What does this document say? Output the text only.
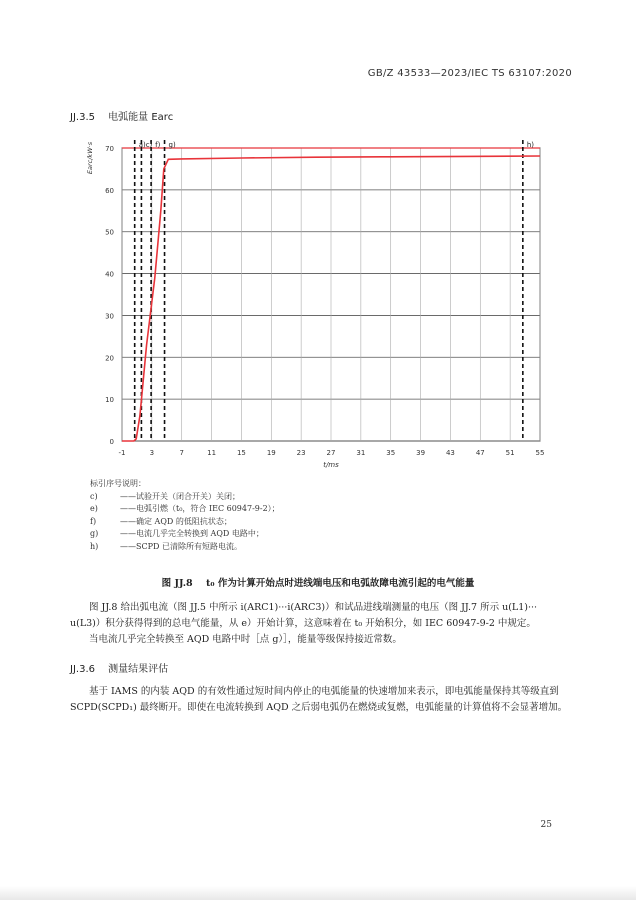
GB/Z 43533—2023/IEC TS 63107:2020
JJ.3.5 电弧能量 Earc
0
10
20
30
40
50
60
70
-1	3	7	11	15	19	23	27	31	35	39	43	47	51	55
t/ms
Earc/kW·s	a)c) f) g)	h)
标引序号说明：
c)	——试验开关（闭合开关）关闭；
e)	——电弧引燃（t₀，符合 IEC 60947-9-2）；
f)	——确定 AQD 的低阻抗状态；
g)	——电流几乎完全转换到 AQD 电路中；
h)	——SCPD 已清除所有短路电流。
图 JJ.8 t₀ 作为计算开始点时进线端电压和电弧故障电流引起的电气能量
图 JJ.8 给出弧电流（图 JJ.5 中所示 i(ARC1)···i(ARC3)）和试品进线端测量的电压（图 JJ.7 所示 u(L1)··· u(L3)）积分获得得到的总电气能量，从 e）开始计算，这意味着在 t₀ 开始积分，如 IEC 60947-9-2 中规定。
当电流几乎完全转换至 AQD 电路中时［点 g）］，能量等级保持接近常数。
JJ.3.6 测量结果评估
基于 IAMS 的内装 AQD 的有效性通过短时间内停止的电弧能量的快速增加来表示，即电弧能量保持其等级直到 SCPD(SCPD₁) 最终断开。即使在电流转换到 AQD 之后弱电弧仍在燃烧或复燃，电弧能量的计算值将不会显著增加。
25
